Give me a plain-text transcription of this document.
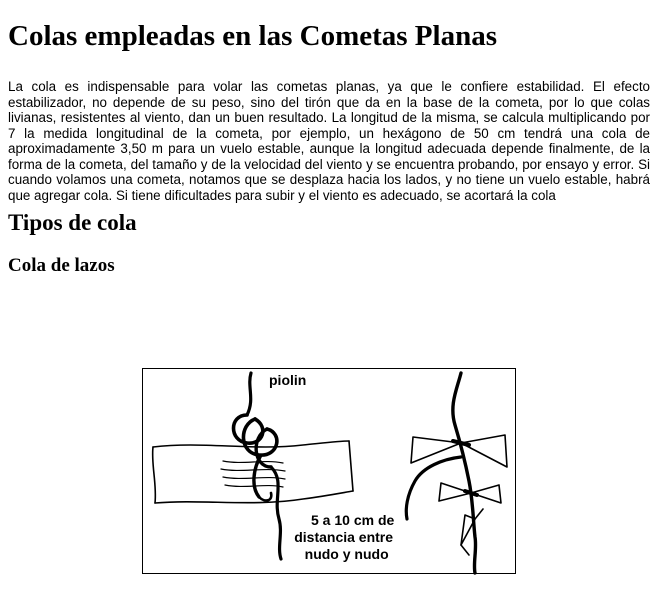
Colas empleadas en las Cometas Planas

La cola es indispensable para volar las cometas planas, ya que le confiere estabilidad. El efecto estabilizador, no depende de su peso, sino del tirón que da en la base de la cometa, por lo que colas livianas, resistentes al viento, dan un buen resultado. La longitud de la misma, se calcula multiplicando por 7 la medida longitudinal de la cometa, por ejemplo, un hexágono de 50 cm tendrá una cola de aproximadamente 3,50 m para un vuelo estable, aunque la longitud adecuada depende finalmente, de la forma de la cometa, del tamaño y de la velocidad del viento y se encuentra probando, por ensayo y error. Si cuando volamos una cometa, notamos que se desplaza hacia los lados, y no tiene un vuelo estable, habrá que agregar cola. Si tiene dificultades para subir y el viento es adecuado, se acortará la cola

Tipos de cola
Cola de lazos
piolin
5 a 10 cm de
distancia entre
nudo y nudo
